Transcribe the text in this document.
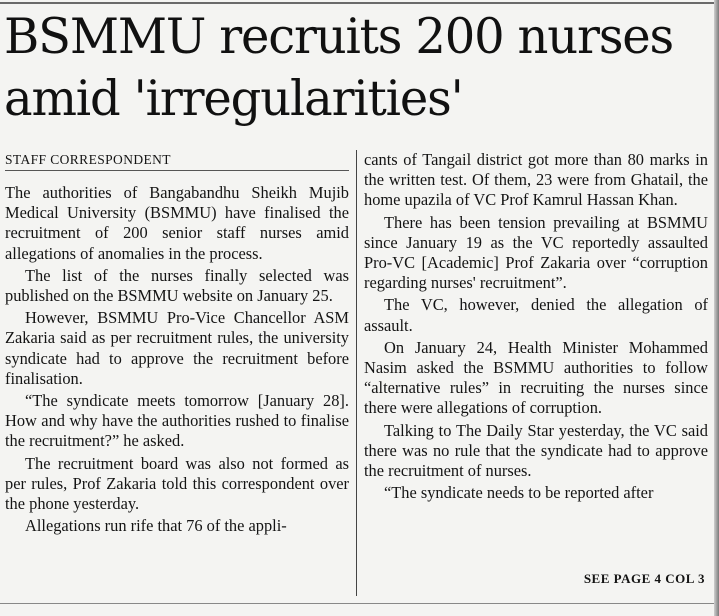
BSMMU recruits 200 nurses
amid 'irregularities'
STAFF CORRESPONDENT

The authorities of Bangabandhu Sheikh Mujib Medical University (BSMMU) have finalised the recruitment of 200 senior staff nurses amid allegations of anomalies in the process.

The list of the nurses finally selected was published on the BSMMU website on January 25.

However, BSMMU Pro-Vice Chancellor ASM Zakaria said as per recruitment rules, the university syndicate had to approve the recruitment before finalisation.

“The syndicate meets tomorrow [January 28]. How and why have the authorities rushed to finalise the recruitment?” he asked.

The recruitment board was also not formed as per rules, Prof Zakaria told this correspondent over the phone yesterday.

Allegations run rife that 76 of the appli-

cants of Tangail district got more than 80 marks in the written test. Of them, 23 were from Ghatail, the home upazila of VC Prof Kamrul Hassan Khan.

There has been tension prevailing at BSMMU since January 19 as the VC reportedly assaulted Pro-VC [Academic] Prof Zakaria over “corruption regarding nurses' recruitment”.

The VC, however, denied the allegation of assault.

On January 24, Health Minister Mohammed Nasim asked the BSMMU authorities to follow “alternative rules” in recruiting the nurses since there were allegations of corruption.

Talking to The Daily Star yesterday, the VC said there was no rule that the syndicate had to approve the recruitment of nurses.

“The syndicate needs to be reported after

SEE PAGE 4 COL 3
